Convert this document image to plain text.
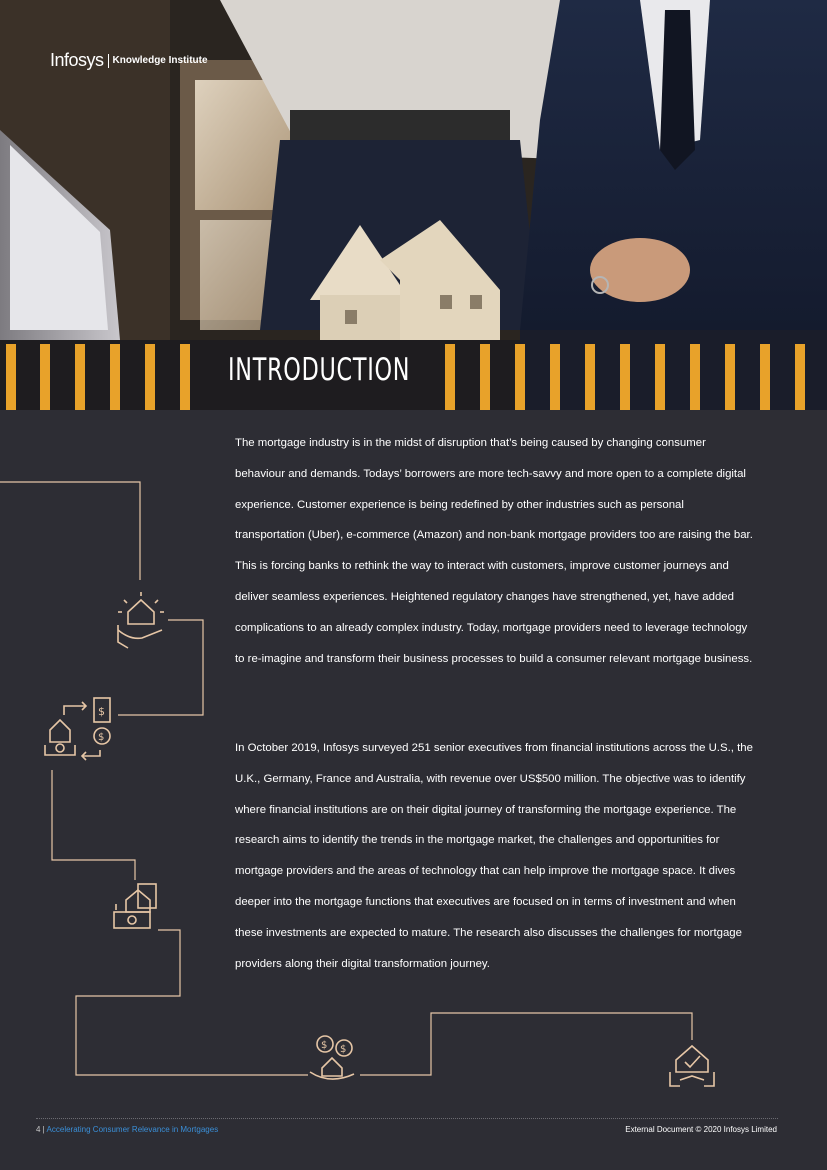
Infosys Knowledge Institute
INTRODUCTION
$
$
$ $

The mortgage industry is in the midst of disruption that’s being caused by changing consumer behaviour and demands. Todays’ borrowers are more tech-savvy and more open to a complete digital experience. Customer experience is being redefined by other industries such as personal transportation (Uber), e-commerce (Amazon) and non-bank mortgage providers too are raising the bar. This is forcing banks to rethink the way to interact with customers, improve customer journeys and deliver seamless experiences. Heightened regulatory changes have strengthened, yet, have added complications to an already complex industry. Today, mortgage providers need to leverage technology to re-imagine and transform their business processes to build a consumer relevant mortgage business.

In October 2019, Infosys surveyed 251 senior executives from financial institutions across the U.S., the U.K., Germany, France and Australia, with revenue over US$500 million. The objective was to identify where financial institutions are on their digital journey of transforming the mortgage experience. The research aims to identify the trends in the mortgage market, the challenges and opportunities for mortgage providers and the areas of technology that can help improve the mortgage space. It dives deeper into the mortgage functions that executives are focused on in terms of investment and when these investments are expected to mature. The research also discusses the challenges for mortgage providers along their digital transformation journey.

4 | Accelerating Consumer Relevance in Mortgages	External Document © 2020 Infosys Limited
